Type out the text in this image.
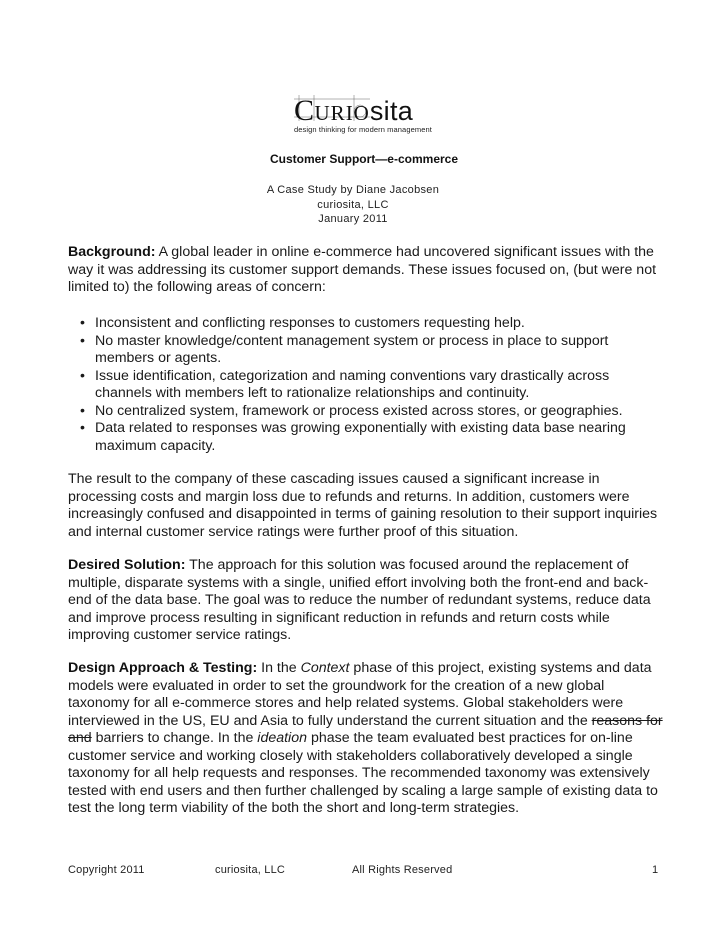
CURIOsita
design thinking for modern management
Customer Support—e-commerce
A Case Study by Diane Jacobsen
curiosita, LLC
January 2011
Background: A global leader in online e-commerce had uncovered significant issues with the way it was addressing its customer support demands. These issues focused on, (but were not limited to) the following areas of concern:
• Inconsistent and conflicting responses to customers requesting help.
• No master knowledge/content management system or process in place to support members or agents.
• Issue identification, categorization and naming conventions vary drastically across channels with members left to rationalize relationships and continuity.
• No centralized system, framework or process existed across stores, or geographies.
• Data related to responses was growing exponentially with existing data base nearing maximum capacity.
The result to the company of these cascading issues caused a significant increase in processing costs and margin loss due to refunds and returns. In addition, customers were increasingly confused and disappointed in terms of gaining resolution to their support inquiries and internal customer service ratings were further proof of this situation.
Desired Solution: The approach for this solution was focused around the replacement of multiple, disparate systems with a single, unified effort involving both the front-end and back-end of the data base. The goal was to reduce the number of redundant systems, reduce data and improve process resulting in significant reduction in refunds and return costs while improving customer service ratings.
Design Approach & Testing: In the Context phase of this project, existing systems and data models were evaluated in order to set the groundwork for the creation of a new global taxonomy for all e-commerce stores and help related systems. Global stakeholders were interviewed in the US, EU and Asia to fully understand the current situation and the reasons for and barriers to change. In the ideation phase the team evaluated best practices for on-line customer service and working closely with stakeholders collaboratively developed a single taxonomy for all help requests and responses. The recommended taxonomy was extensively tested with end users and then further challenged by scaling a large sample of existing data to test the long term viability of the both the short and long-term strategies.
Copyright 2011	curiosita, LLC	All Rights Reserved	1
